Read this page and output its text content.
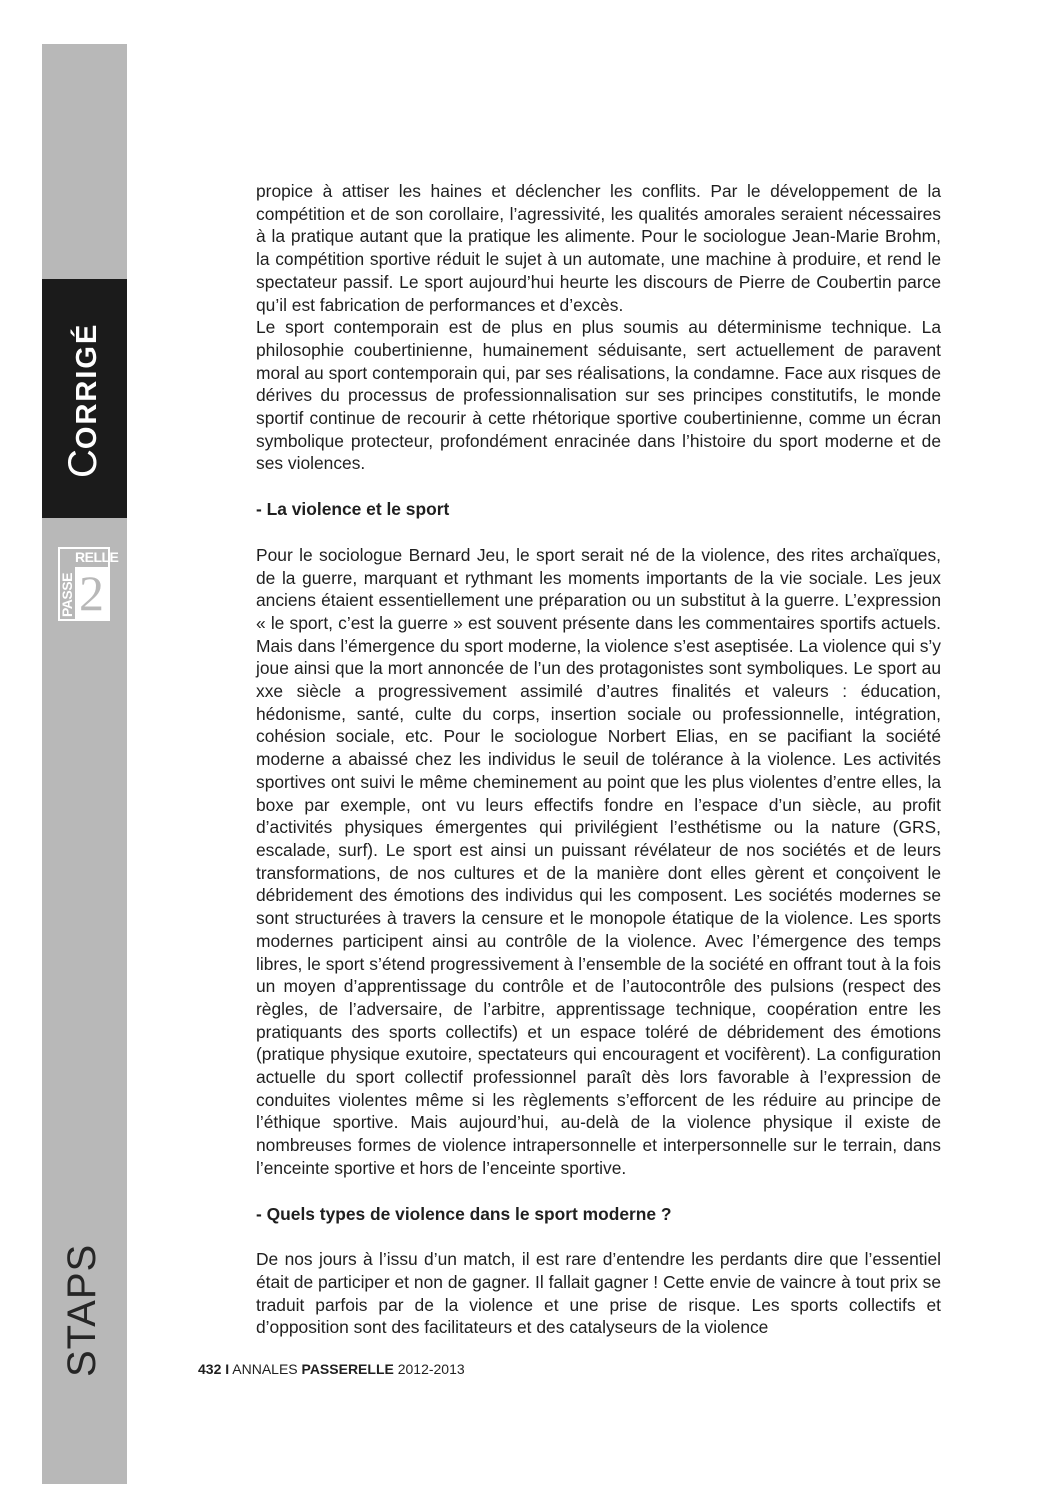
CORRIGÉ
RELLE
PASSE 2
STAPS

propice à attiser les haines et déclencher les conflits. Par le développement de la compétition et de son corollaire, l’agressivité, les qualités amorales seraient nécessaires à la pratique autant que la pratique les alimente. Pour le sociologue Jean-Marie Brohm, la compétition sportive réduit le sujet à un automate, une machine à produire, et rend le spectateur passif. Le sport aujourd’hui heurte les discours de Pierre de Coubertin parce qu’il est fabrication de performances et d’excès.

Le sport contemporain est de plus en plus soumis au déterminisme technique. La philosophie coubertinienne, humainement séduisante, sert actuellement de paravent moral au sport contemporain qui, par ses réalisations, la condamne. Face aux risques de dérives du processus de professionnalisation sur ses principes constitutifs, le monde sportif continue de recourir à cette rhétorique sportive coubertinienne, comme un écran symbolique protecteur, profondément enracinée dans l’histoire du sport moderne et de ses violences.

- La violence et le sport

Pour le sociologue Bernard Jeu, le sport serait né de la violence, des rites archaïques, de la guerre, marquant et rythmant les moments importants de la vie sociale. Les jeux anciens étaient essentiellement une préparation ou un substitut à la guerre. L’expression « le sport, c’est la guerre » est souvent présente dans les commentaires sportifs actuels. Mais dans l’émergence du sport moderne, la violence s’est aseptisée. La violence qui s’y joue ainsi que la mort annoncée de l’un des protagonistes sont symboliques. Le sport au xxe siècle a progressivement assimilé d’autres finalités et valeurs : éducation, hédonisme, santé, culte du corps, insertion sociale ou professionnelle, intégration, cohésion sociale, etc. Pour le sociologue Norbert Elias, en se pacifiant la société moderne a abaissé chez les individus le seuil de tolérance à la violence. Les activités sportives ont suivi le même cheminement au point que les plus violentes d’entre elles, la boxe par exemple, ont vu leurs effectifs fondre en l’espace d’un siècle, au profit d’activités physiques émergentes qui privilégient l’esthétisme ou la nature (GRS, escalade, surf). Le sport est ainsi un puissant révélateur de nos sociétés et de leurs transformations, de nos cultures et de la manière dont elles gèrent et conçoivent le débridement des émotions des individus qui les composent. Les sociétés modernes se sont structurées à travers la censure et le monopole étatique de la violence. Les sports modernes participent ainsi au contrôle de la violence. Avec l’émergence des temps libres, le sport s’étend progressivement à l’ensemble de la société en offrant tout à la fois un moyen d’apprentissage du contrôle et de l’autocontrôle des pulsions (respect des règles, de l’adversaire, de l’arbitre, apprentissage technique, coopération entre les pratiquants des sports collectifs) et un espace toléré de débridement des émotions (pratique physique exutoire, spectateurs qui encouragent et vocifèrent). La configuration actuelle du sport collectif professionnel paraît dès lors favorable à l’expression de conduites violentes même si les règlements s’efforcent de les réduire au principe de l’éthique sportive. Mais aujourd’hui, au-delà de la violence physique il existe de nombreuses formes de violence intrapersonnelle et interpersonnelle sur le terrain, dans l’enceinte sportive et hors de l’enceinte sportive.

- Quels types de violence dans le sport moderne ?

De nos jours à l’issu d’un match, il est rare d’entendre les perdants dire que l’essentiel était de participer et non de gagner. Il fallait gagner ! Cette envie de vaincre à tout prix se traduit parfois par de la violence et une prise de risque. Les sports collectifs et d’opposition sont des facilitateurs et des catalyseurs de la violence

432 I ANNALES PASSERELLE 2012-2013
